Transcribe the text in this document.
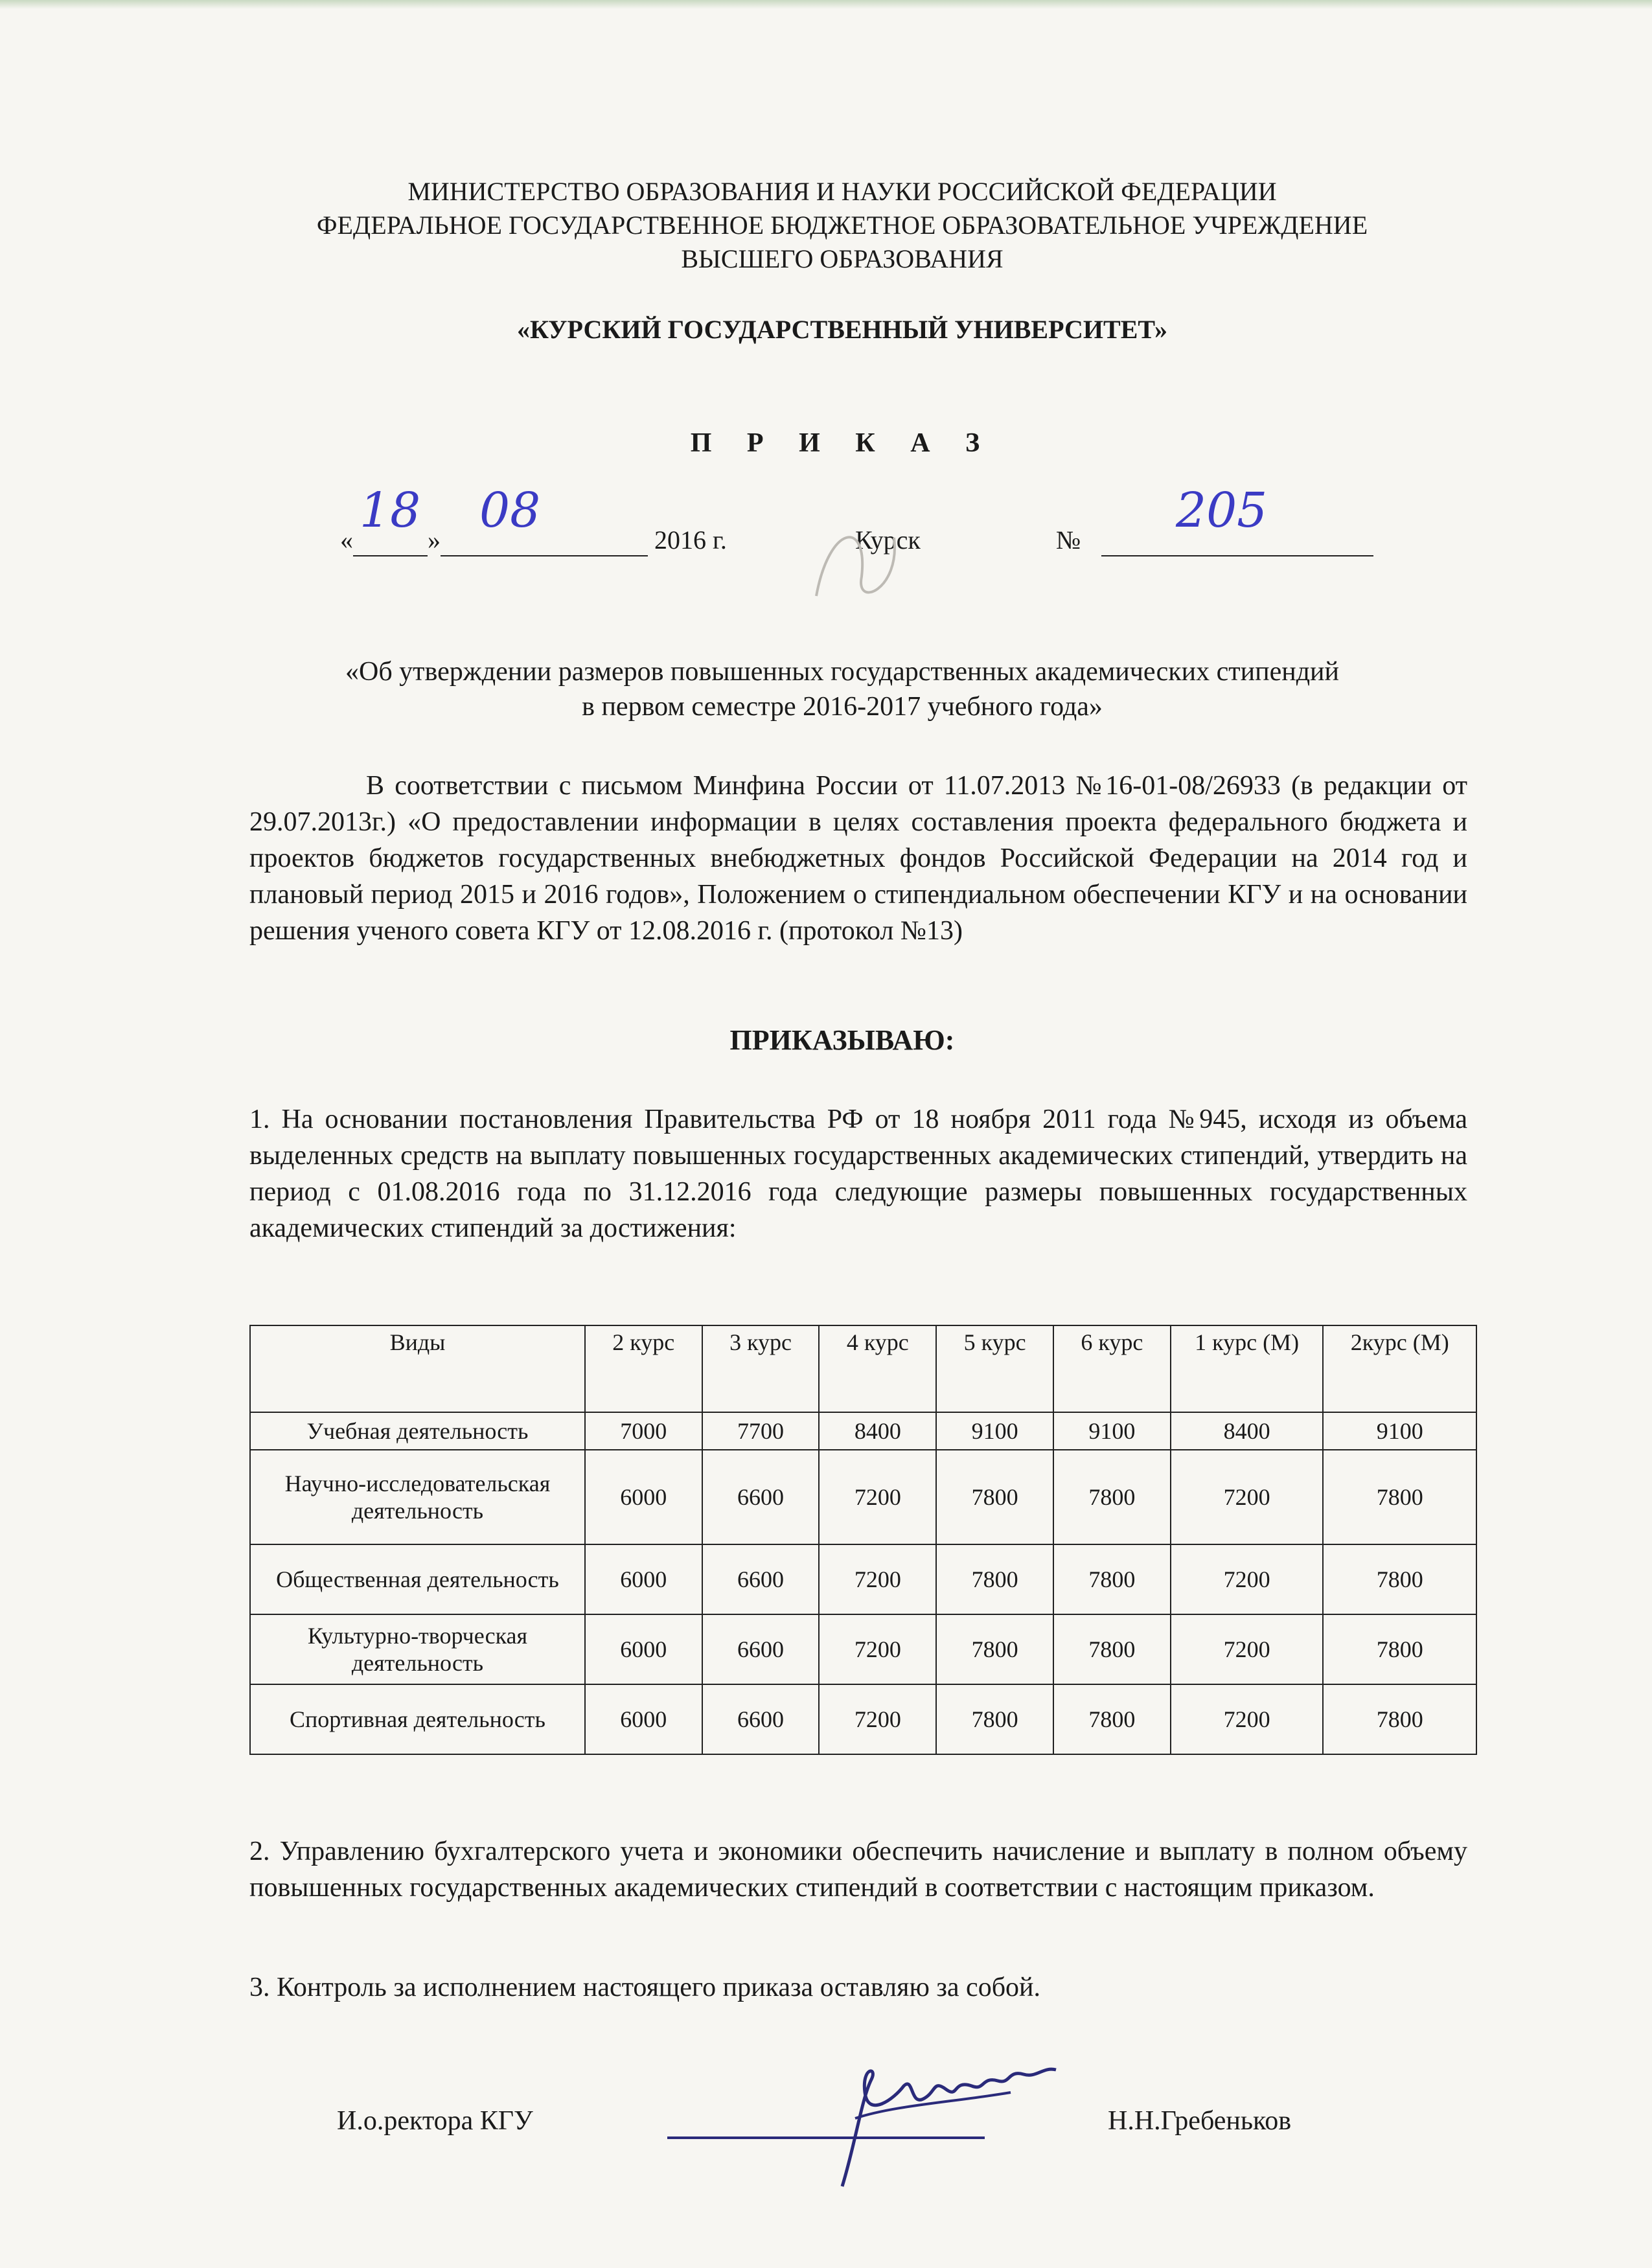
МИНИСТЕРСТВО ОБРАЗОВАНИЯ И НАУКИ РОССИЙСКОЙ ФЕДЕРАЦИИ
ФЕДЕРАЛЬНОЕ ГОСУДАРСТВЕННОЕ БЮДЖЕТНОЕ ОБРАЗОВАТЕЛЬНОЕ УЧРЕЖДЕНИЕ
ВЫСШЕГО ОБРАЗОВАНИЯ
«КУРСКИЙ ГОСУДАРСТВЕННЫЙ УНИВЕРСИТЕТ»
П Р И К А З
«	»	2016 г.	Курск	№
18 08	205
«Об утверждении размеров повышенных государственных академических стипендий
в первом семестре 2016-2017 учебного года»
В соответствии с письмом Минфина России от 11.07.2013 №16-01-08/26933 (в редакции от 29.07.2013г.) «О предоставлении информации в целях составления проекта федерального бюджета и проектов бюджетов государственных внебюджетных фондов Российской Федерации на 2014 год и плановый период 2015 и 2016 годов», Положением о стипендиальном обеспечении КГУ и на основании решения ученого совета КГУ от 12.08.2016 г. (протокол №13)
ПРИКАЗЫВАЮ:
1. На основании постановления Правительства РФ от 18 ноября 2011 года №945, исходя из объема выделенных средств на выплату повышенных государственных академических стипендий, утвердить на период с 01.08.2016 года по 31.12.2016 года следующие размеры повышенных государственных академических стипендий за достижения:
Виды	2 курс	3 курс	4 курс	5 курс	6 курс	1 курс (М)	2курс (М)
Учебная деятельность	7000	7700	8400	9100	9100	8400	9100
Научно-исследовательская деятельность	6000	6600	7200	7800	7800	7200	7800
Общественная деятельность	6000	6600	7200	7800	7800	7200	7800
Культурно-творческая деятельность	6000	6600	7200	7800	7800	7200	7800
Спортивная деятельность	6000	6600	7200	7800	7800	7200	7800
2. Управлению бухгалтерского учета и экономики обеспечить начисление и выплату в полном объему повышенных государственных академических стипендий в соответствии с настоящим приказом.
3. Контроль за исполнением настоящего приказа оставляю за собой.
И.о.ректора КГУ	Н.Н.Гребеньков
